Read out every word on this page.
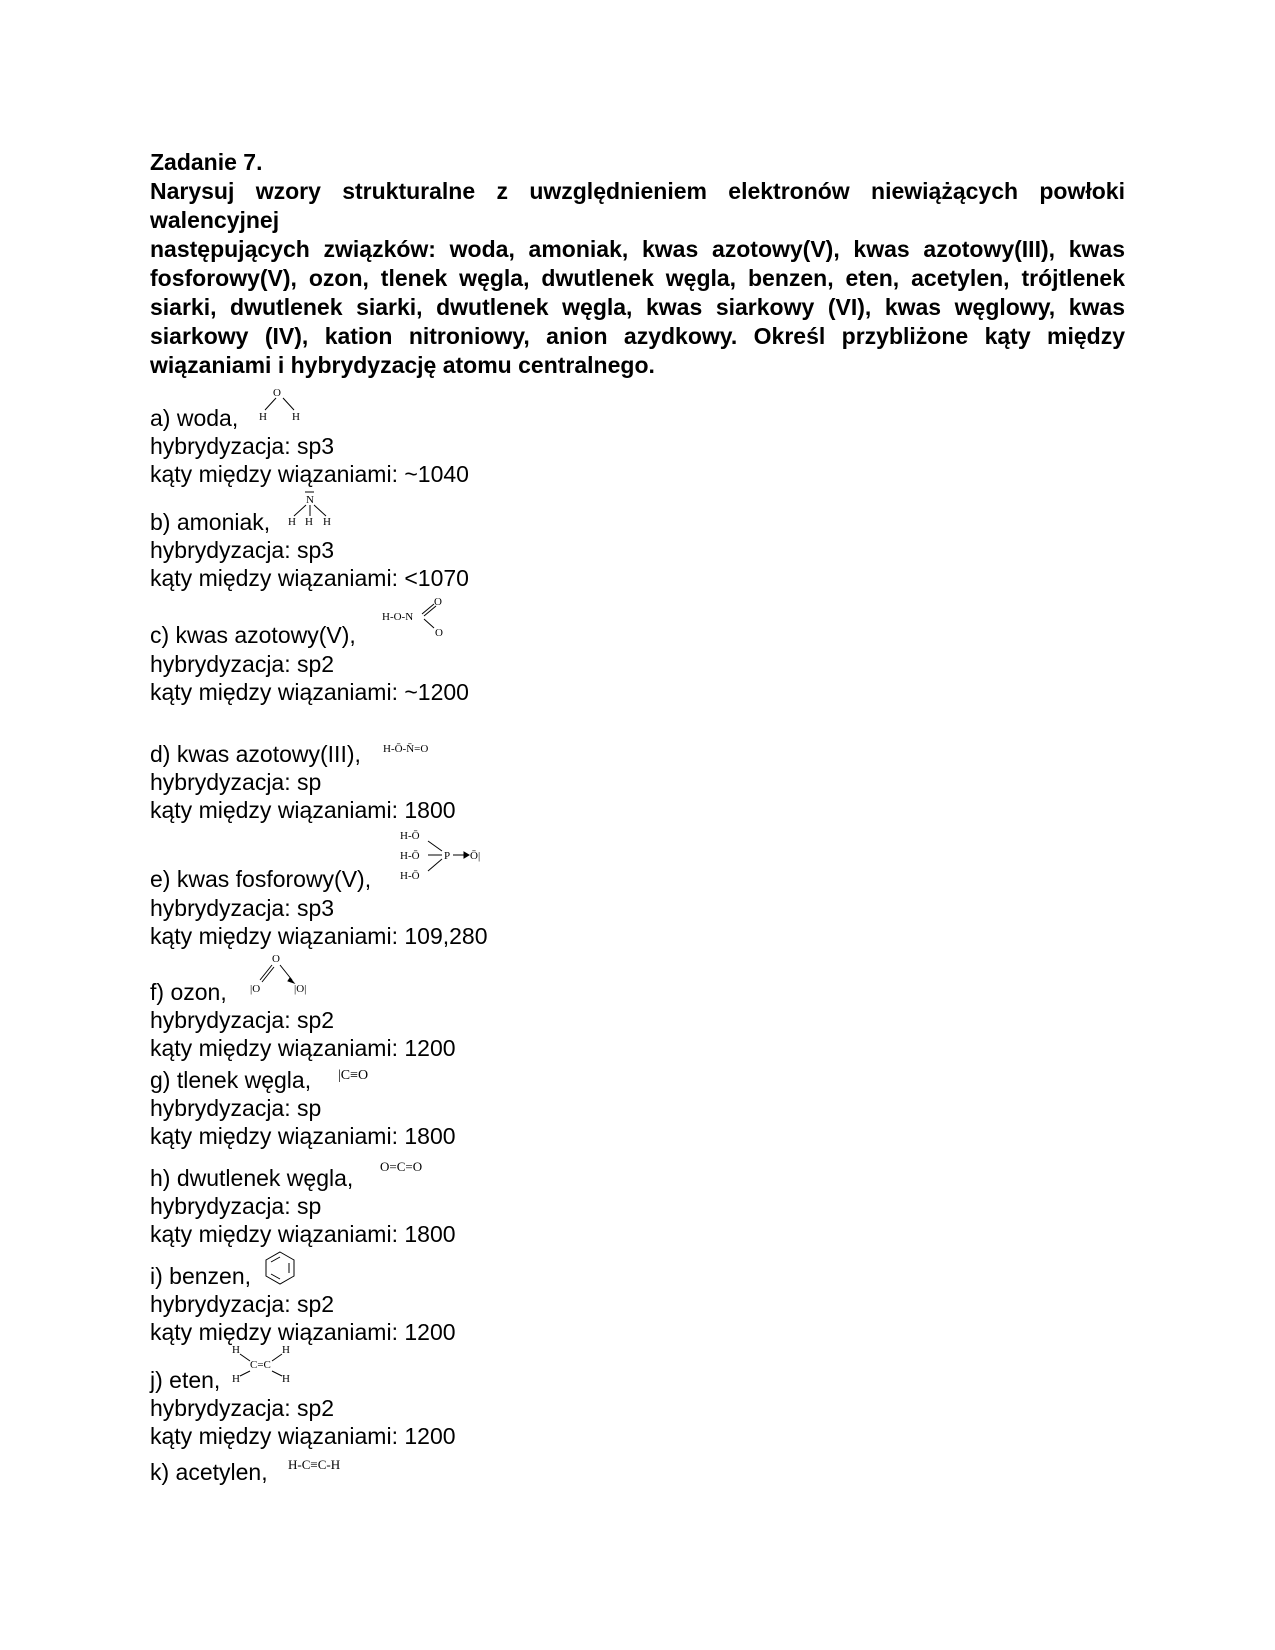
Zadanie 7.

Narysuj wzory strukturalne z uwzględnieniem elektronów niewiążących powłoki

walencyjnej

następujących związków: woda, amoniak, kwas azotowy(V), kwas azotowy(III), kwas fosforowy(V), ozon, tlenek węgla, dwutlenek węgla, benzen, eten, acetylen, trójtlenek siarki, dwutlenek siarki, dwutlenek węgla, kwas siarkowy (VI), kwas węglowy, kwas siarkowy (IV), kation nitroniowy, anion azydkowy. Określ przybliżone kąty między wiązaniami i hybrydyzację atomu centralnego.

a) woda,
O
H H
hybrydyzacja: sp3
kąty między wiązaniami: ~1040
b) amoniak,
N
H H H
hybrydyzacja: sp3
kąty między wiązaniami: <1070
c) kwas azotowy(V),
H-O-N
O
O
hybrydyzacja: sp2
kąty między wiązaniami: ~1200
d) kwas azotowy(III), H-Ō-N̄=O
hybrydyzacja: sp
kąty między wiązaniami: 1800
e) kwas fosforowy(V),
H-Ō
H-Ō
H-Ō
P Ō|
hybrydyzacja: sp3
kąty między wiązaniami: 109,280
f) ozon,
O
|O	|O|
hybrydyzacja: sp2
kąty między wiązaniami: 1200
g) tlenek węgla, |C≡O
hybrydyzacja: sp
kąty między wiązaniami: 1800
h) dwutlenek węgla, O=C=O
hybrydyzacja: sp
kąty między wiązaniami: 1800
i) benzen,
hybrydyzacja: sp2
kąty między wiązaniami: 1200
j) eten,
H	H
C=C
H	H
hybrydyzacja: sp2
kąty między wiązaniami: 1200
k) acetylen, H-C≡C-H
